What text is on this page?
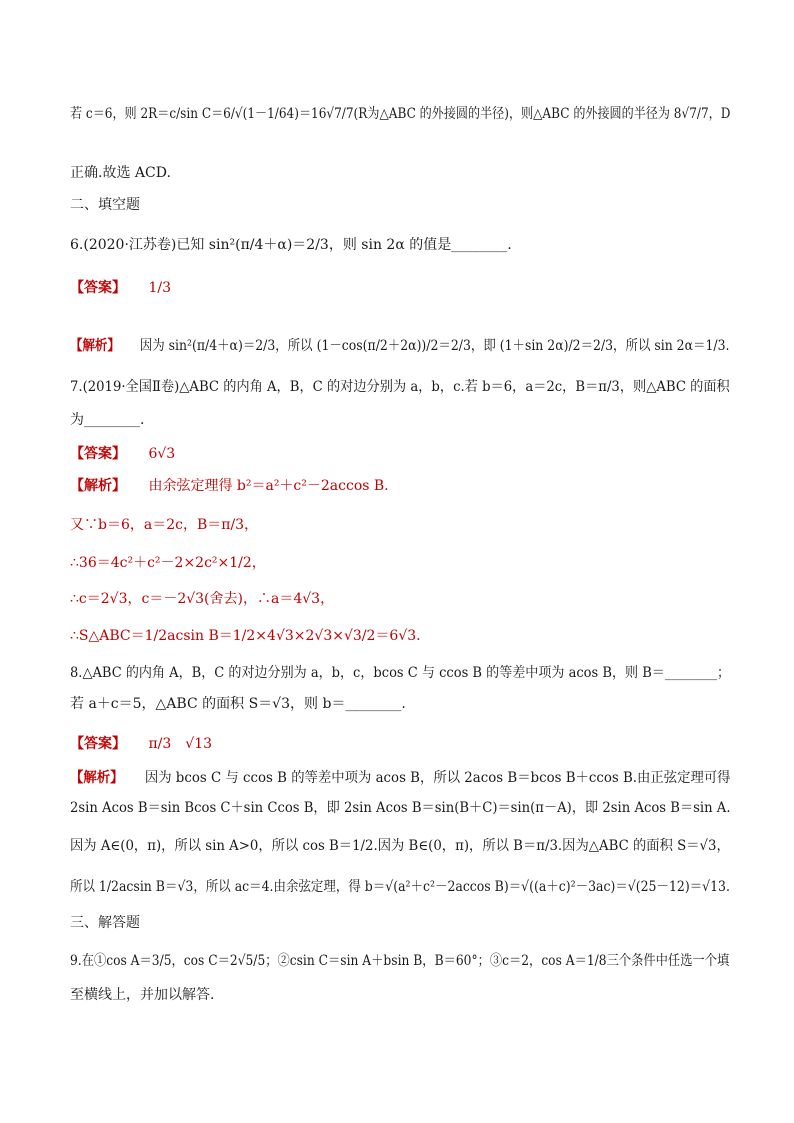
若 c＝6，则 2R＝c/sin C＝6/√(1－1/64)＝16√7/7(R为△ABC 的外接圆的半径)，则△ABC 的外接圆的半径为 8√7/7，D
正确.故选 ACD.
二、填空题
6.(2020·江苏卷)已知 sin²(π/4＋α)＝2/3，则 sin 2α 的值是________.
【答案】 1/3
【解析】 因为 sin²(π/4＋α)＝2/3，所以 (1－cos(π/2＋2α))/2＝2/3，即 (1＋sin 2α)/2＝2/3，所以 sin 2α＝1/3.
7.(2019·全国Ⅱ卷)△ABC 的内角 A，B，C 的对边分别为 a，b，c.若 b＝6，a＝2c，B＝π/3，则△ABC 的面积
为________.
【答案】 6√3
【解析】 由余弦定理得 b²＝a²＋c²－2accos B.
又∵b＝6，a＝2c，B＝π/3，
∴36＝4c²＋c²－2×2c²×1/2，
∴c＝2√3，c＝－2√3(舍去)，∴a＝4√3，
∴S△ABC＝1/2acsin B＝1/2×4√3×2√3×√3/2＝6√3.
8.△ABC 的内角 A，B，C 的对边分别为 a，b，c，bcos C 与 ccos B 的等差中项为 acos B，则 B＝________；
若 a＋c＝5，△ABC 的面积 S＝√3，则 b＝________.
【答案】 π/3　√13
【解析】 因为 bcos C 与 ccos B 的等差中项为 acos B，所以 2acos B＝bcos B＋ccos B.由正弦定理可得
2sin Acos B＝sin Bcos C＋sin Ccos B，即 2sin Acos B＝sin(B＋C)＝sin(π－A)，即 2sin Acos B＝sin A.
因为 A∈(0，π)，所以 sin A>0，所以 cos B＝1/2.因为 B∈(0，π)，所以 B＝π/3.因为△ABC 的面积 S＝√3，
所以 1/2acsin B＝√3，所以 ac＝4.由余弦定理，得 b＝√(a²＋c²－2accos B)＝√((a＋c)²－3ac)＝√(25－12)＝√13.
三、解答题
9.在①cos A＝3/5，cos C＝2√5/5；②csin C＝sin A＋bsin B，B＝60°；③c＝2，cos A＝1/8三个条件中任选一个填
至横线上，并加以解答.
